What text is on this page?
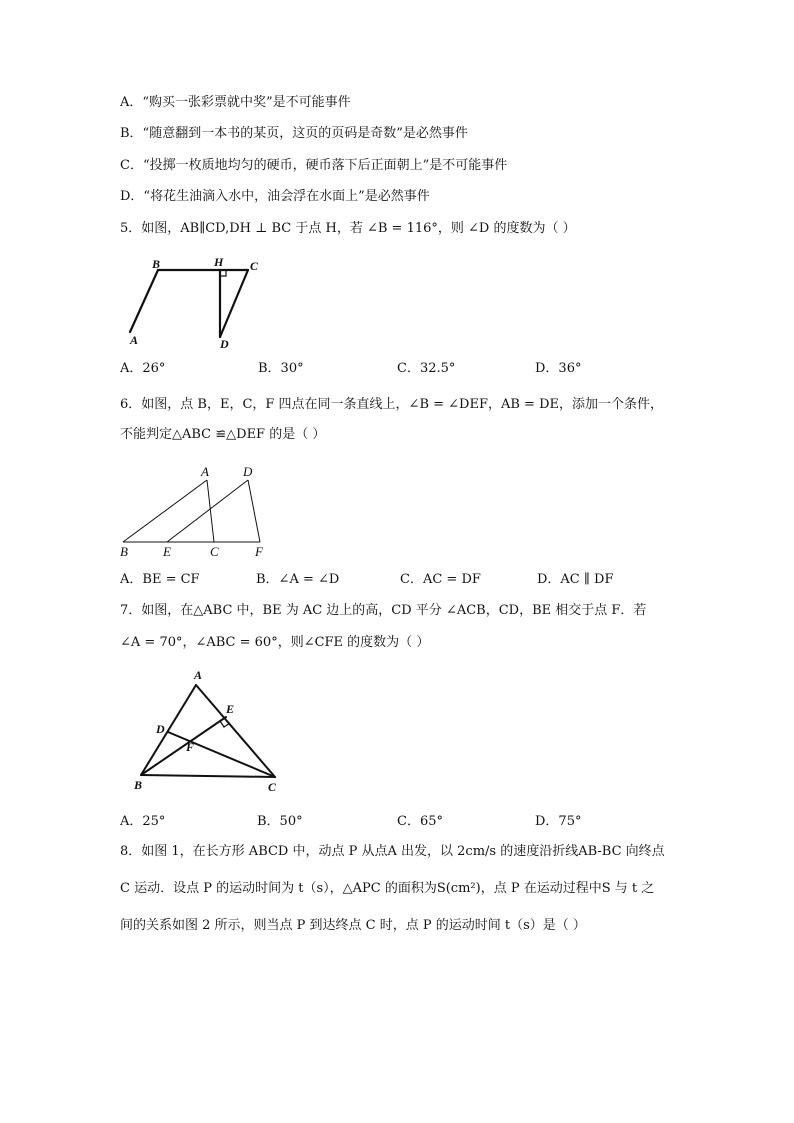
A．“购买一张彩票就中奖”是不可能事件
B．“随意翻到一本书的某页，这页的页码是奇数”是必然事件
C．“投掷一枚质地均匀的硬币，硬币落下后正面朝上”是不可能事件
D．“将花生油滴入水中，油会浮在水面上”是必然事件
5．如图，AB∥CD,DH ⊥ BC 于点 H，若 ∠B = 116°，则 ∠D 的度数为（ ）
B	H C
A	D
A．26°	B．30°	C．32.5°	D．36°
6．如图，点 B，E，C，F 四点在同一条直线上，∠B = ∠DEF，AB = DE，添加一个条件，
不能判定△ABC ≌△DEF 的是（ ）
A	D
B	E	C	F
A．BE = CF	B．∠A = ∠D	C．AC = DF	D．AC ∥ DF
7．如图，在△ABC 中，BE 为 AC 边上的高，CD 平分 ∠ACB，CD，BE 相交于点 F．若
∠A = 70°，∠ABC = 60°，则∠CFE 的度数为（ ）
A
E
D
F
B	C
A．25°	B．50°	C．65°	D．75°
8．如图 1，在长方形 ABCD 中，动点 P 从点A 出发，以 2cm/s 的速度沿折线AB-BC 向终点
C 运动．设点 P 的运动时间为 t（s），△APC 的面积为S(cm²)，点 P 在运动过程中S 与 t 之
间的关系如图 2 所示，则当点 P 到达终点 C 时，点 P 的运动时间 t（s）是（ ）
